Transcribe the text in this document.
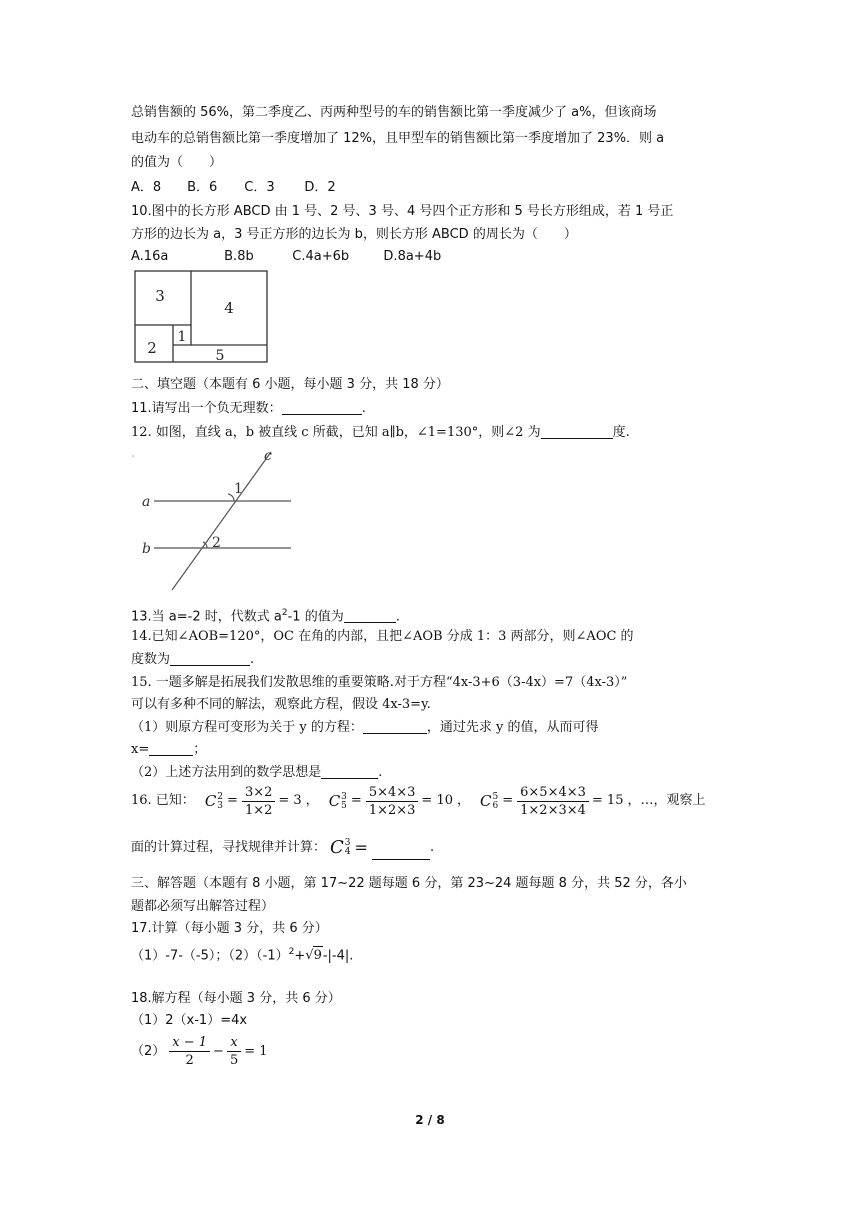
总销售额的 56%，第二季度乙、丙两种型号的车的销售额比第一季度减少了 a%，但该商场
电动车的总销售额比第一季度增加了 12%，且甲型车的销售额比第一季度增加了 23%．则 a
的值为（　　）
A．8 B．6 C．3 D．2
10.图中的长方形 ABCD 由 1 号、2 号、3 号、4 号四个正方形和 5 号长方形组成，若 1 号正
方形的边长为 a，3 号正方形的边长为 b，则长方形 ABCD 的周长为（　　）
A.16a	B.8b	C.4a+6b	D.8a+4b
3
4
2
1
5
二、填空题（本题有 6 小题，每小题 3 分，共 18 分）
11.请写出一个负无理数：	.
12. 如图，直线 a，b 被直线 c 所截，已知 a∥b，∠1=130°，则∠2 为	度.
c
a
b
1
2
13.当 a=-2 时，代数式 $a^2-1$ 的值为	.
14.已知∠AOB=120°，OC 在角的内部，且把∠AOB 分成 1：3 两部分，则∠AOC 的
度数为	.
15. 一题多解是拓展我们发散思维的重要策略.对于方程“4x-3+6（3-4x）=7（4x-3）”
可以有多种不同的解法，观察此方程，假设 4x-3=y.
（1）则原方程可变形为关于 y 的方程：	，通过先求 y 的值，从而可得
x=	；
（2）上述方法用到的数学思想是	.
16. 已知： C 2
$3 = \frac{3\times 2}{1\times 2} = 3$ ， C 3
$5 = \frac{5\times 4\times 3}{1\times 2\times 3} = 10$ ， C 5
$6 = \frac{6\times 5\times 4\times 3}{1\times 2\times 3\times 4} = 15$ ，…，观察上
面的计算过程，寻找规律并计算： C 3
4 =	.
三、解答题（本题有 8 小题，第 17~22 题每题 6 分，第 23~24 题每题 8 分，共 52 分，各小
题都必须写出解答过程）
17.计算（每小题 3 分，共 6 分）
（1）-7-（-5）；$(2)(-1)^2+√9-|-4|$.
18.解方程（每小题 3 分，共 6 分）
（1）2（x-1）=4x
$(2) \frac{x - 1}{2} - \frac{x}{5} = 1$
2 / 8
